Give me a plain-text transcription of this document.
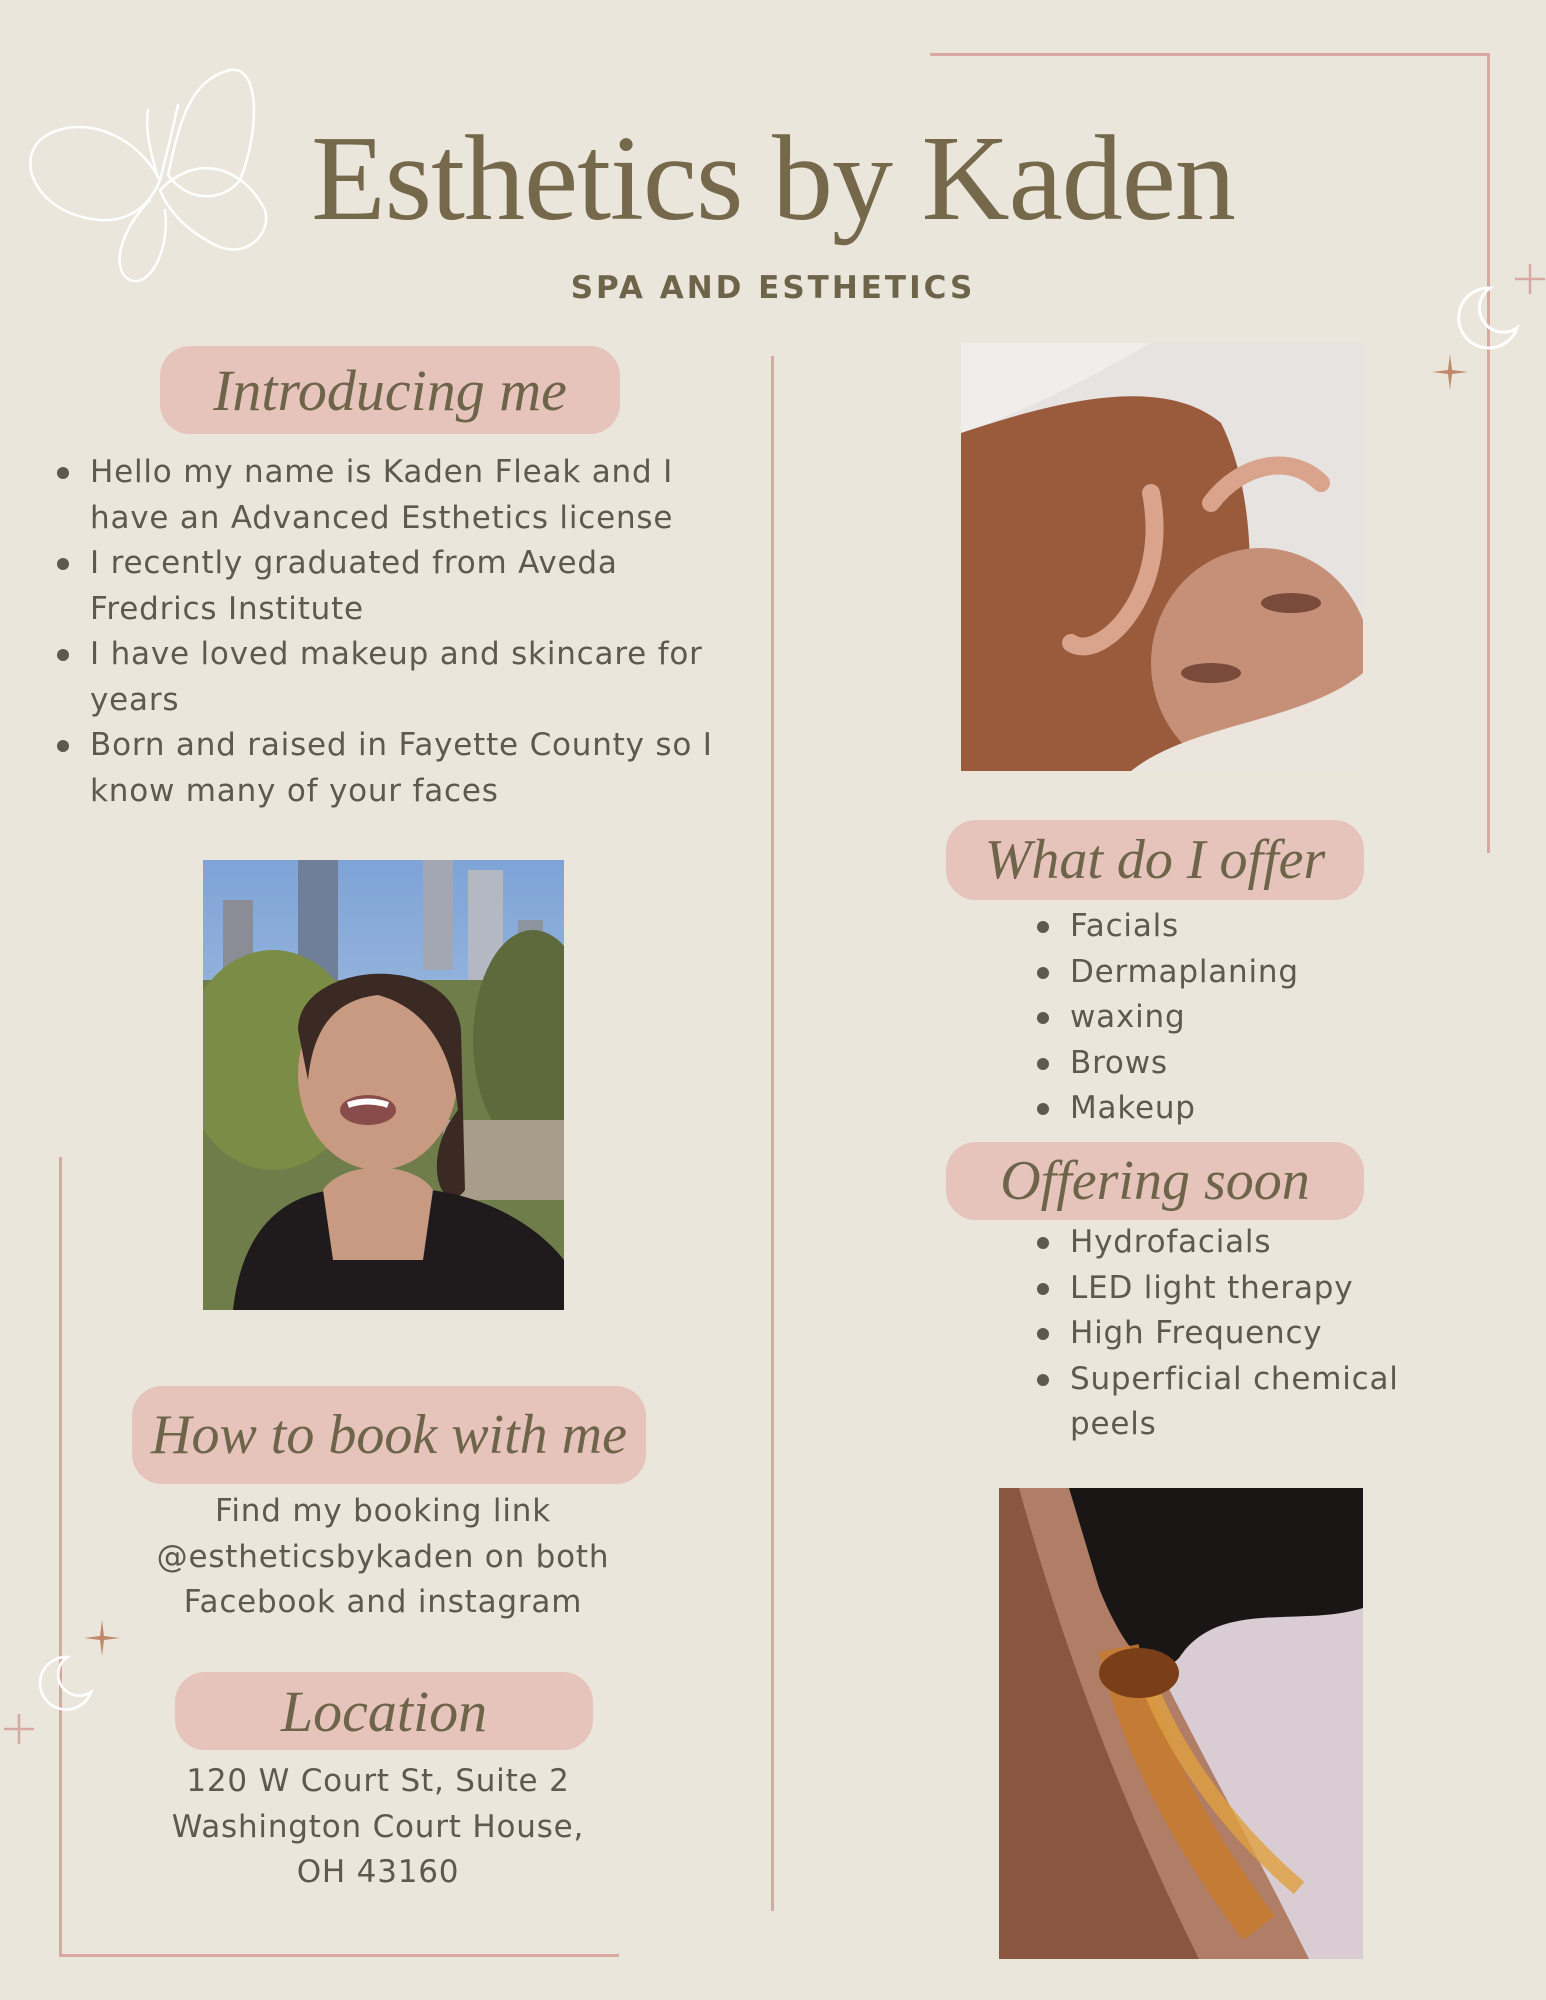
Esthetics by Kaden
SPA AND ESTHETICS
Introducing me
Hello my name is Kaden Fleak and I have an Advanced Esthetics license
I recently graduated from Aveda Fredrics Institute
I have loved makeup and skincare for years
Born and raised in Fayette County so I know many of your faces
How to book with me
Find my booking link
@estheticsbykaden on both
Facebook and instagram
Location
120 W Court St, Suite 2
Washington Court House,
OH 43160
What do I offer
Facials
Dermaplaning
waxing
Brows
Makeup
Offering soon
Hydrofacials
LED light therapy
High Frequency
Superficial chemical peels
